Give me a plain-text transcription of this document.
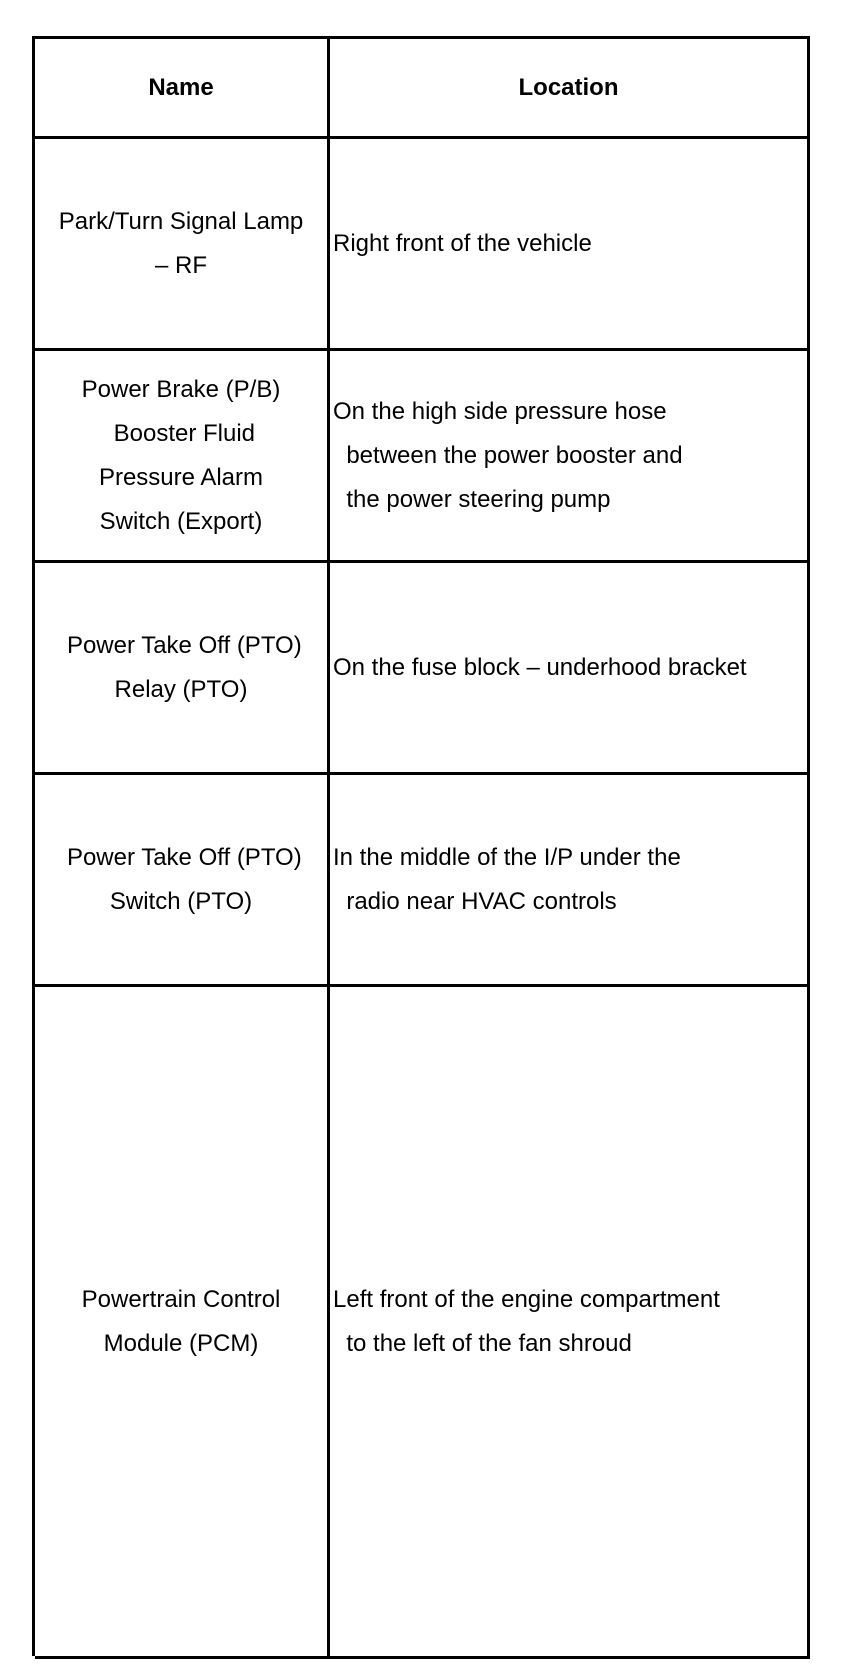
Name	Location
Park/Turn Signal Lamp
– RF
Right front of the vehicle
Power Brake (P/B)
Booster Fluid
Pressure Alarm
Switch (Export)
On the high side pressure hose
between the power booster and
the power steering pump
Power Take Off (PTO)
Relay (PTO)
On the fuse block – underhood bracket
Power Take Off (PTO)
Switch (PTO)
In the middle of the I/P under the
radio near HVAC controls
Powertrain Control
Module (PCM)
Left front of the engine compartment
to the left of the fan shroud
